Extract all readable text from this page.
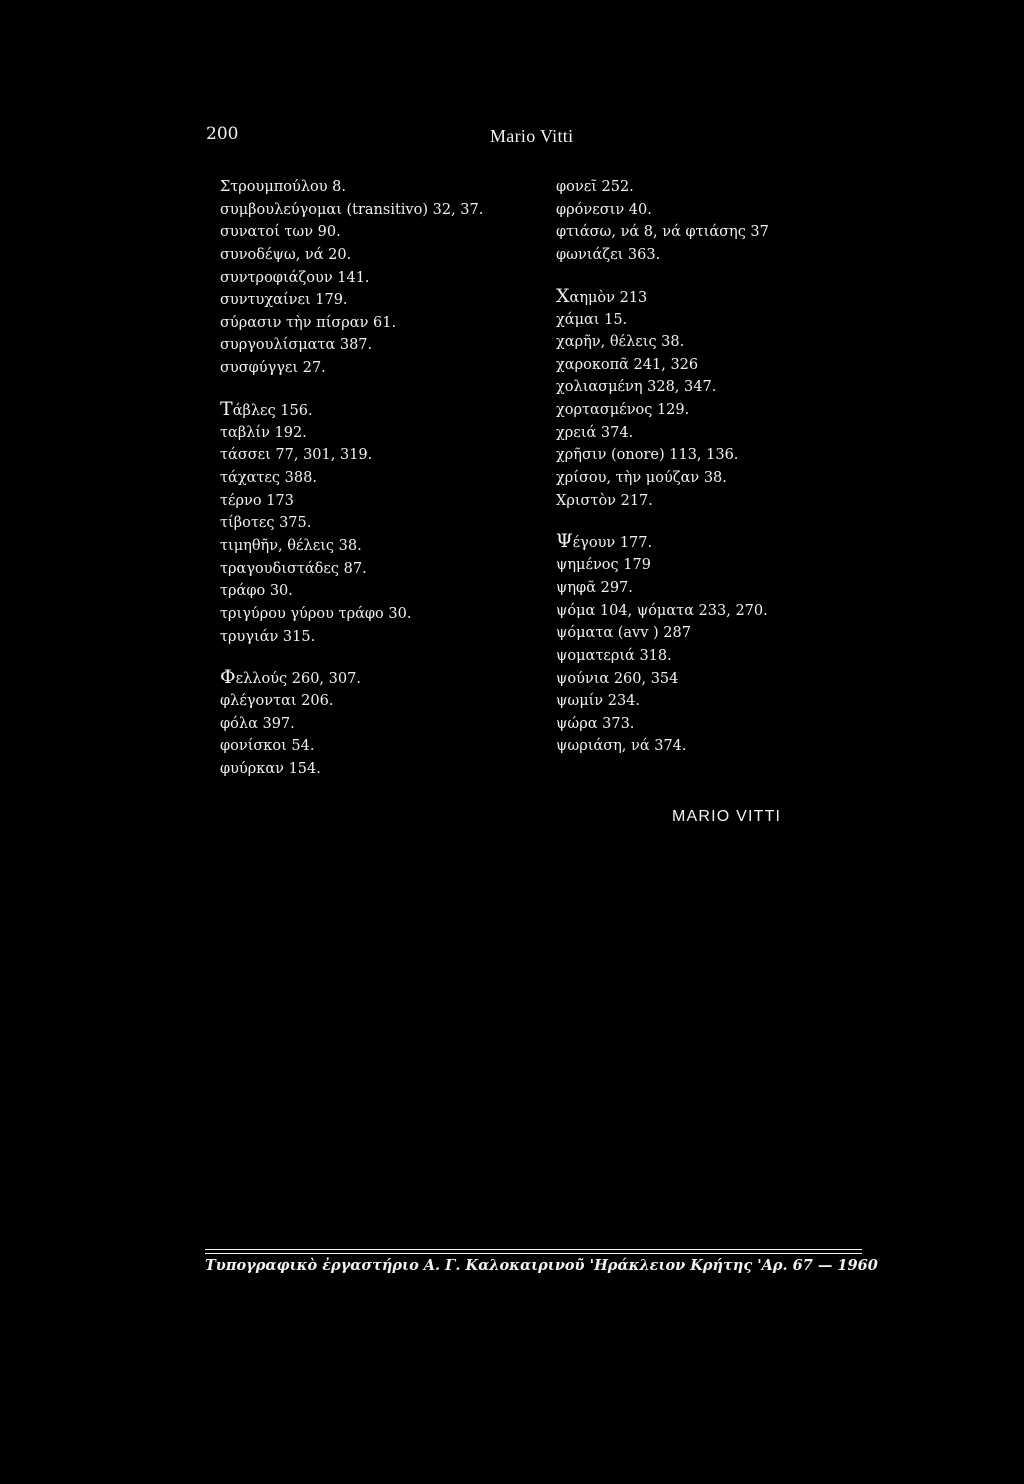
200	Mario Vitti
Στρουμπούλου 8.
συμβουλεύγομαι (transitivo) 32, 37.
συνατοί των 90.
συνοδέψω, νά 20.
συντροφιάζουν 141.
συντυχαίνει 179.
σύρασιν τὴν πίσραν 61.
συργουλίσματα 387.
συσφύγγει 27.
Τάβλες 156.
ταβλίν 192.
τάσσει 77, 301, 319.
τάχατες 388.
τέρνο 173
τίβοτες 375.
τιμηθῆν, θέλεις 38.
τραγουδιστάδες 87.
τράφο 30.
τριγύρου γύρου τράφο 30.
τρυγιάν 315.
Φελλούς 260, 307.
φλέγονται 206.
φόλα 397.
φονίσκοι 54.
φυύρκαν 154.
φονεῖ 252.
φρόνεσιν 40.
φτιάσω, νά 8, νά φτιάσης 37
φωνιάζει 363.
Χαημὸν 213
χάμαι 15.
χαρῆν, θέλεις 38.
χαροκοπᾶ 241, 326
χολιασμένη 328, 347.
χορτασμένος 129.
χρειά 374.
χρῆσιν (onore) 113, 136.
χρίσου, τὴν μούζαν 38.
Χριστὸν 217.
Ψέγουν 177.
ψημένος 179
ψηφᾶ 297.
ψόμα 104, ψόματα 233, 270.
ψόματα (avv ) 287
ψοματεριά 318.
ψούνια 260, 354
ψωμίν 234.
ψώρα 373.
ψωριάση, νά 374.
MARIO VITTI
Τυπογραφικὸ ἐργαστήριο Α. Γ. Καλοκαιρινοῦ 'Ηράκλειον Κρήτης 'Αρ. 67 — 1960
